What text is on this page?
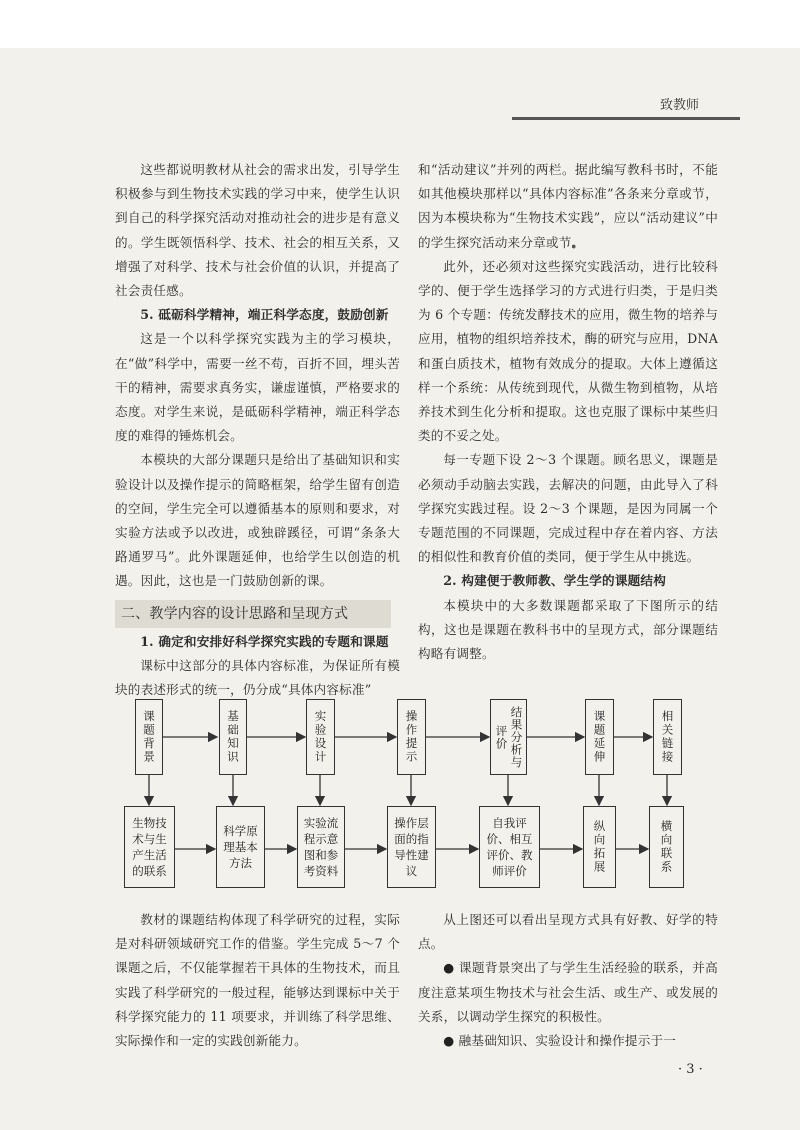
致教师

这些都说明教材从社会的需求出发，引导学生积极参与到生物技术实践的学习中来，使学生认识到自己的科学探究活动对推动社会的进步是有意义的。学生既领悟科学、技术、社会的相互关系，又增强了对科学、技术与社会价值的认识，并提高了社会责任感。

5. 砥砺科学精神，端正科学态度，鼓励创新

这是一个以科学探究实践为主的学习模块，在“做”科学中，需要一丝不苟，百折不回，埋头苦干的精神，需要求真务实，谦虚谨慎，严格要求的态度。对学生来说，是砥砺科学精神，端正科学态度的难得的锤炼机会。

本模块的大部分课题只是给出了基础知识和实验设计以及操作提示的简略框架，给学生留有创造的空间，学生完全可以遵循基本的原则和要求，对实验方法或予以改进，或独辟蹊径，可谓“条条大路通罗马”。此外课题延伸，也给学生以创造的机遇。因此，这也是一门鼓励创新的课。

二、教学内容的设计思路和呈现方式
1. 确定和安排好科学探究实践的专题和课题

课标中这部分的具体内容标准，为保证所有模块的表述形式的统一，仍分成“具体内容标准”

和“活动建议”并列的两栏。据此编写教科书时，不能如其他模块那样以“具体内容标准”各条来分章或节，因为本模块称为“生物技术实践”，应以“活动建议”中的学生探究活动来分章或节。

此外，还必须对这些探究实践活动，进行比较科学的、便于学生选择学习的方式进行归类，于是归类为 6 个专题：传统发酵技术的应用，微生物的培养与应用，植物的组织培养技术，酶的研究与应用，DNA 和蛋白质技术，植物有效成分的提取。大体上遵循这样一个系统：从传统到现代，从微生物到植物，从培养技术到生化分析和提取。这也克服了课标中某些归类的不妥之处。

每一专题下设 2～3 个课题。顾名思义，课题是必须动手动脑去实践，去解决的问题，由此导入了科学探究实践过程。设 2～3 个课题，是因为同属一个专题范围的不同课题，完成过程中存在着内容、方法的相似性和教育价值的类同，便于学生从中挑选。

2. 构建便于教师教、学生学的课题结构

本模块中的大多数课题都采取了下图所示的结构，这也是课题在教科书中的呈现方式，部分课题结构略有调整。

课题背景	基础知识	实验设计	操作提示	结果分析与评价	课题延伸	相关链接
生物技术与生产生活的联系
科学原理基本方法
实验流程示意图和参考资料
操作层面的指导性建议
自我评价、相互评价、教师评价	纵向拓展	横向联系

教材的课题结构体现了科学研究的过程，实际是对科研领域研究工作的借鉴。学生完成 5～7 个课题之后，不仅能掌握若干具体的生物技术，而且实践了科学研究的一般过程，能够达到课标中关于科学探究能力的 11 项要求，并训练了科学思维、实际操作和一定的实践创新能力。

从上图还可以看出呈现方式具有好教、好学的特点。

● 课题背景突出了与学生生活经验的联系，并高度注意某项生物技术与社会生活、或生产、或发展的关系，以调动学生探究的积极性。

● 融基础知识、实验设计和操作提示于一

· 3 ·
